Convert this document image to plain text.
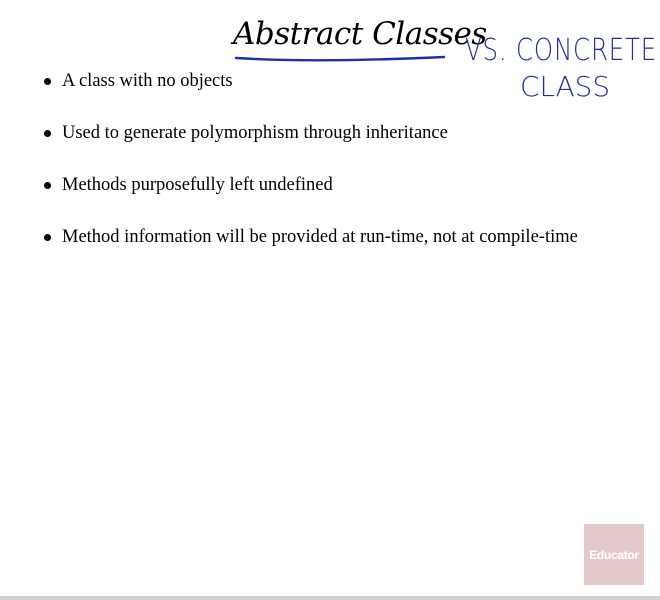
Abstract Classes
A class with no objects
Used to generate polymorphism through inheritance
Methods purposefully left undefined
Method information will be provided at run-time, not at compile-time
VS. CONCRETE
CLASS
Educator
